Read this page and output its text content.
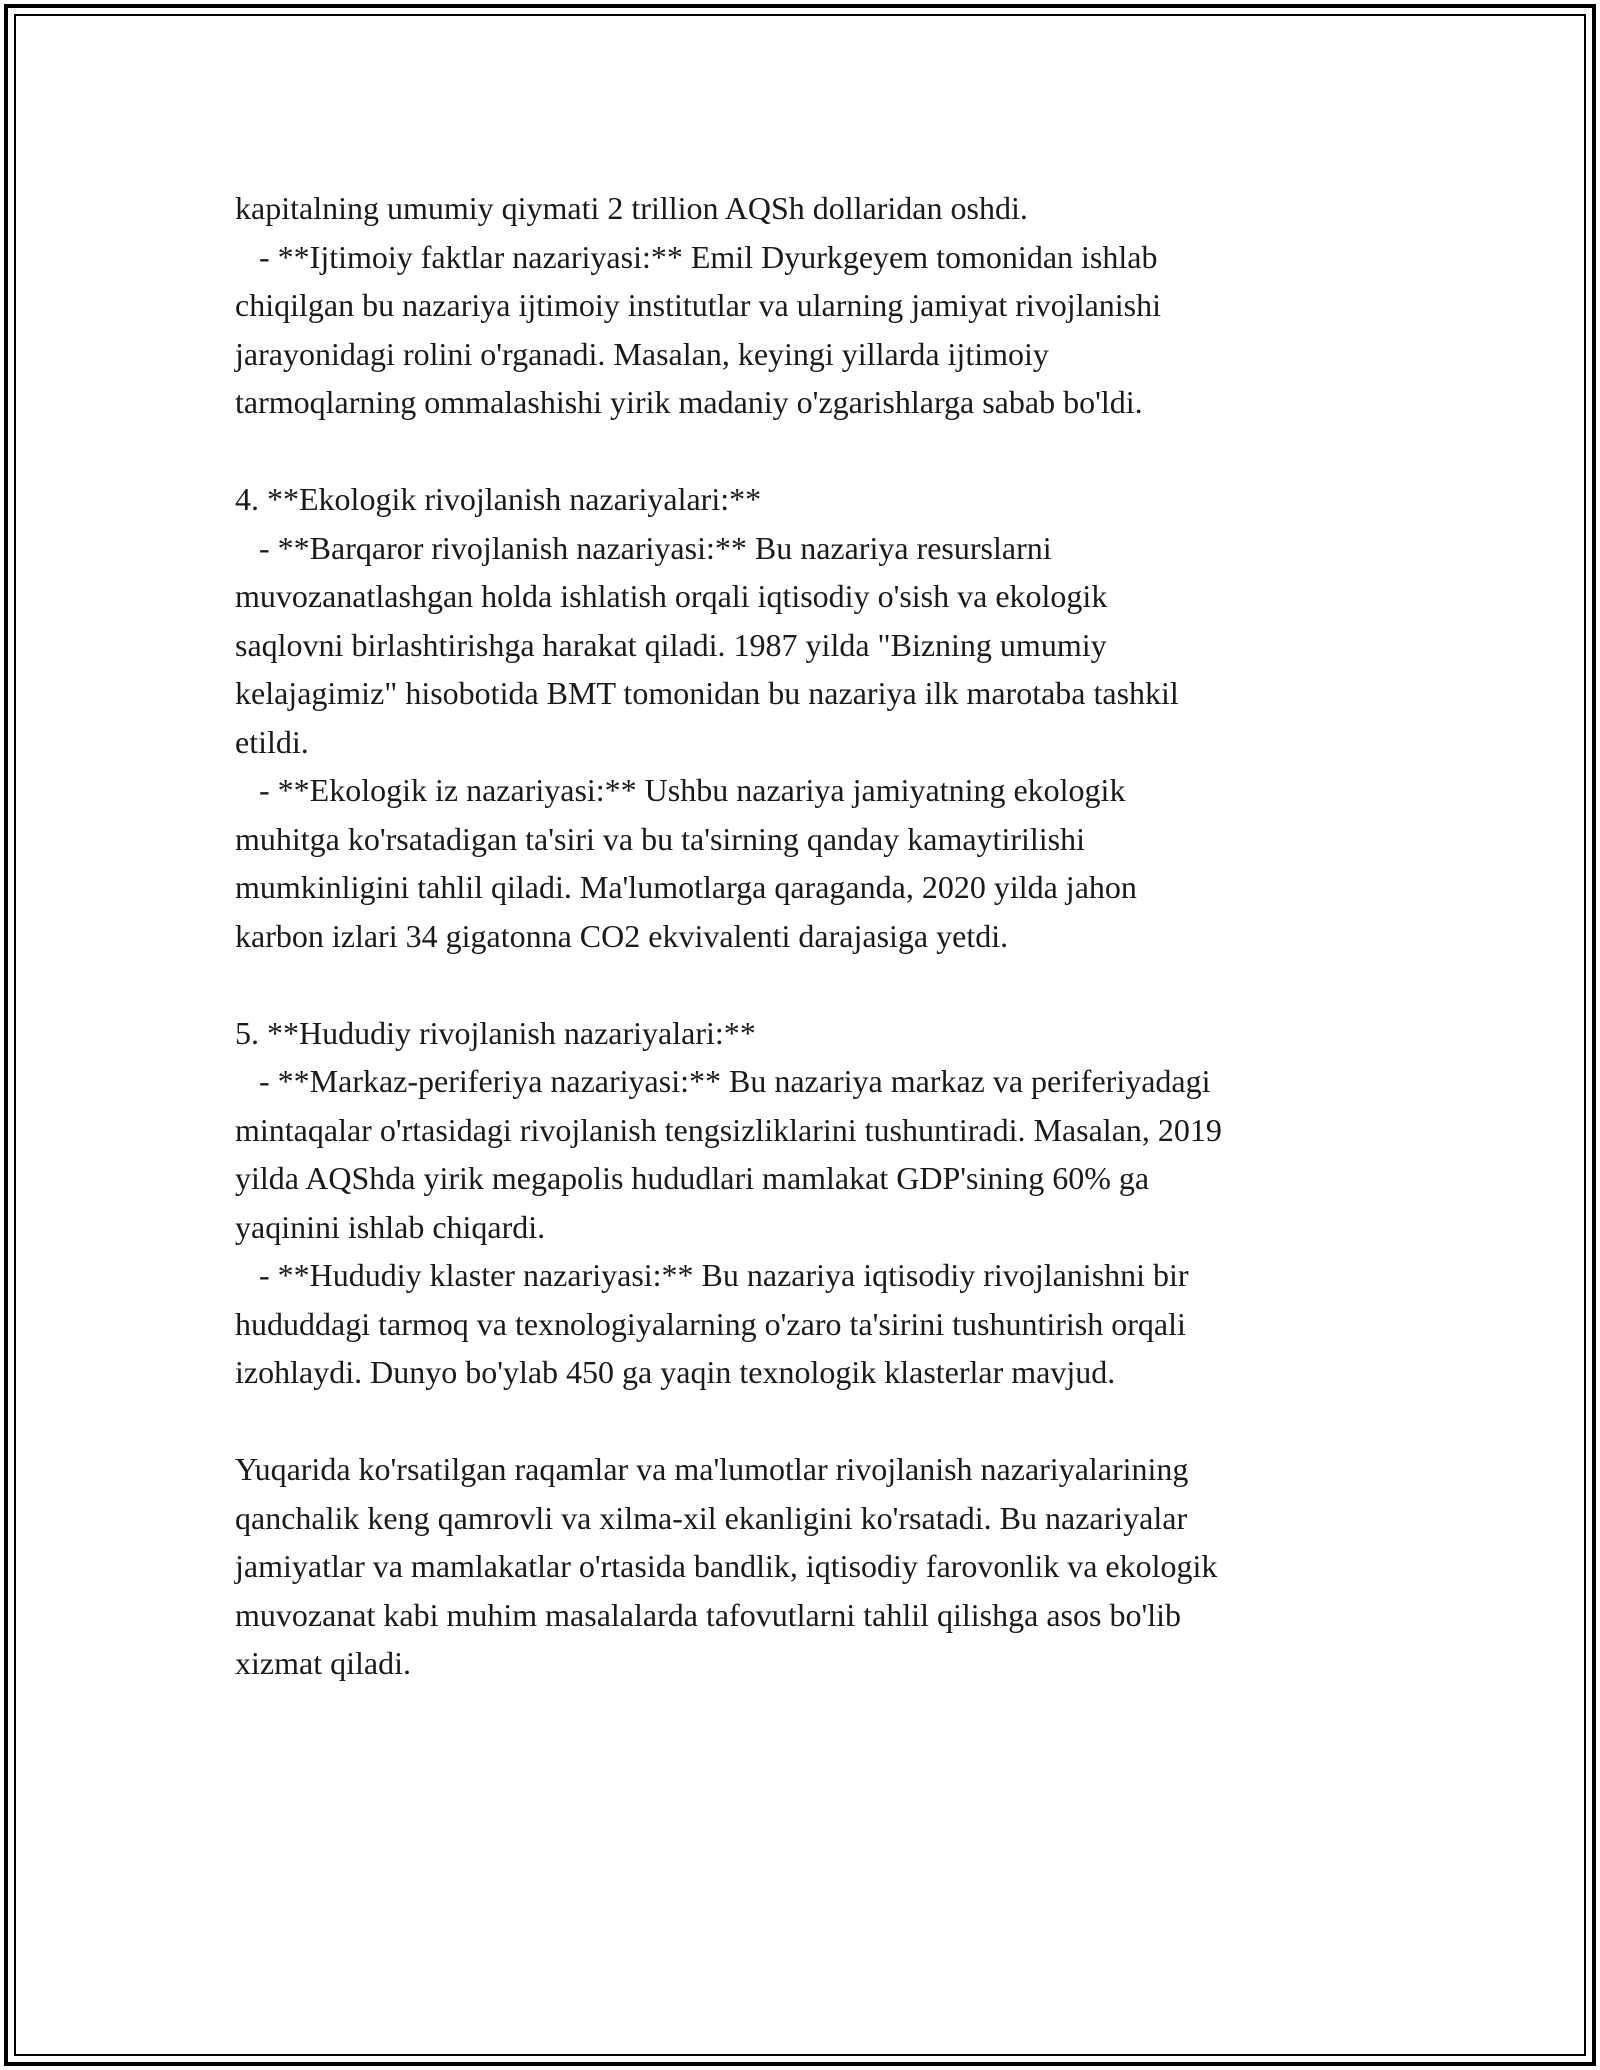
kapitalning umumiy qiymati 2 trillion AQSh dollaridan oshdi.
- **Ijtimoiy faktlar nazariyasi:** Emil Dyurkgeyem tomonidan ishlab
chiqilgan bu nazariya ijtimoiy institutlar va ularning jamiyat rivojlanishi
jarayonidagi rolini o'rganadi. Masalan, keyingi yillarda ijtimoiy
tarmoqlarning ommalashishi yirik madaniy o'zgarishlarga sabab bo'ldi.
4. **Ekologik rivojlanish nazariyalari:**
- **Barqaror rivojlanish nazariyasi:** Bu nazariya resurslarni
muvozanatlashgan holda ishlatish orqali iqtisodiy o'sish va ekologik
saqlovni birlashtirishga harakat qiladi. 1987 yilda "Bizning umumiy
kelajagimiz" hisobotida BMT tomonidan bu nazariya ilk marotaba tashkil
etildi.
- **Ekologik iz nazariyasi:** Ushbu nazariya jamiyatning ekologik
muhitga ko'rsatadigan ta'siri va bu ta'sirning qanday kamaytirilishi
mumkinligini tahlil qiladi. Ma'lumotlarga qaraganda, 2020 yilda jahon
karbon izlari 34 gigatonna CO2 ekvivalenti darajasiga yetdi.
5. **Hududiy rivojlanish nazariyalari:**
- **Markaz-periferiya nazariyasi:** Bu nazariya markaz va periferiyadagi
mintaqalar o'rtasidagi rivojlanish tengsizliklarini tushuntiradi. Masalan, 2019
yilda AQShda yirik megapolis hududlari mamlakat GDP'sining 60% ga
yaqinini ishlab chiqardi.
- **Hududiy klaster nazariyasi:** Bu nazariya iqtisodiy rivojlanishni bir
hududdagi tarmoq va texnologiyalarning o'zaro ta'sirini tushuntirish orqali
izohlaydi. Dunyo bo'ylab 450 ga yaqin texnologik klasterlar mavjud.
Yuqarida ko'rsatilgan raqamlar va ma'lumotlar rivojlanish nazariyalarining
qanchalik keng qamrovli va xilma-xil ekanligini ko'rsatadi. Bu nazariyalar
jamiyatlar va mamlakatlar o'rtasida bandlik, iqtisodiy farovonlik va ekologik
muvozanat kabi muhim masalalarda tafovutlarni tahlil qilishga asos bo'lib
xizmat qiladi.
